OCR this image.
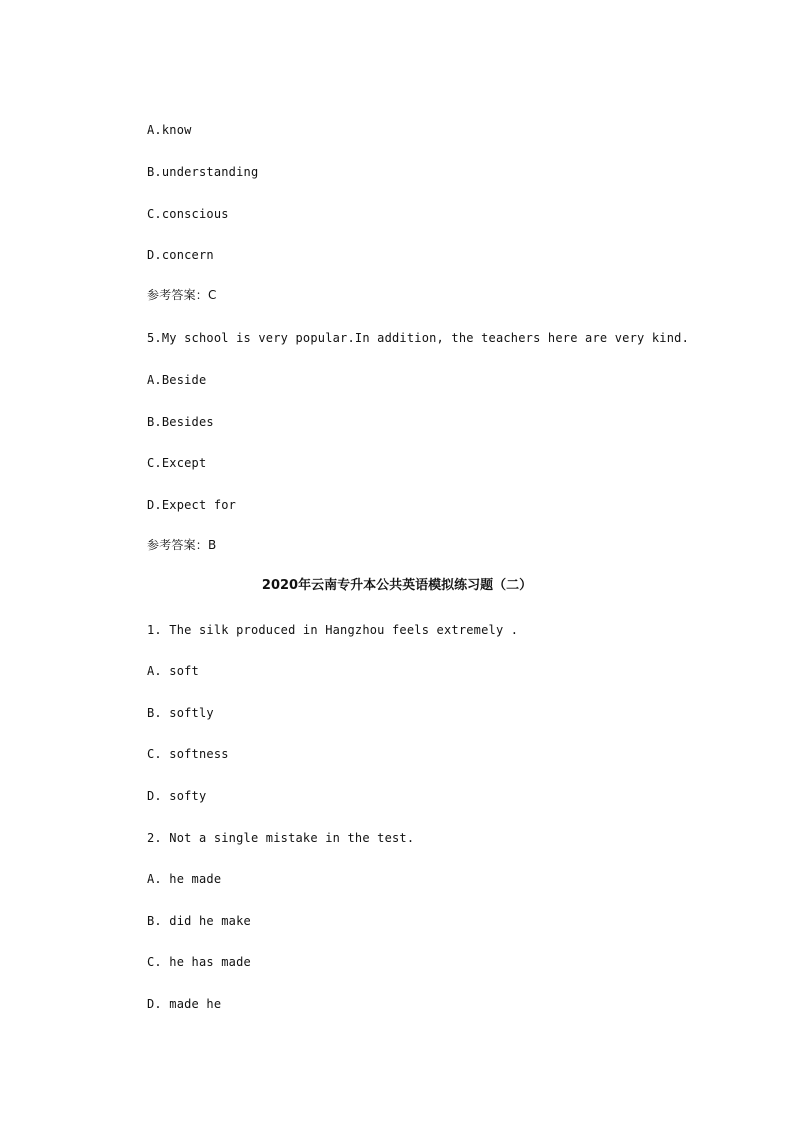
A.know
B.understanding
C.conscious
D.concern
参考答案：C
5.My school is very popular.In addition, the teachers here are very kind.
A.Beside
B.Besides
C.Except
D.Expect for
参考答案：B
2020年云南专升本公共英语模拟练习题（二）
1. The silk produced in Hangzhou feels extremely .
A. soft
B. softly
C. softness
D. softy
2. Not a single mistake in the test.
A. he made
B. did he make
C. he has made
D. made he
